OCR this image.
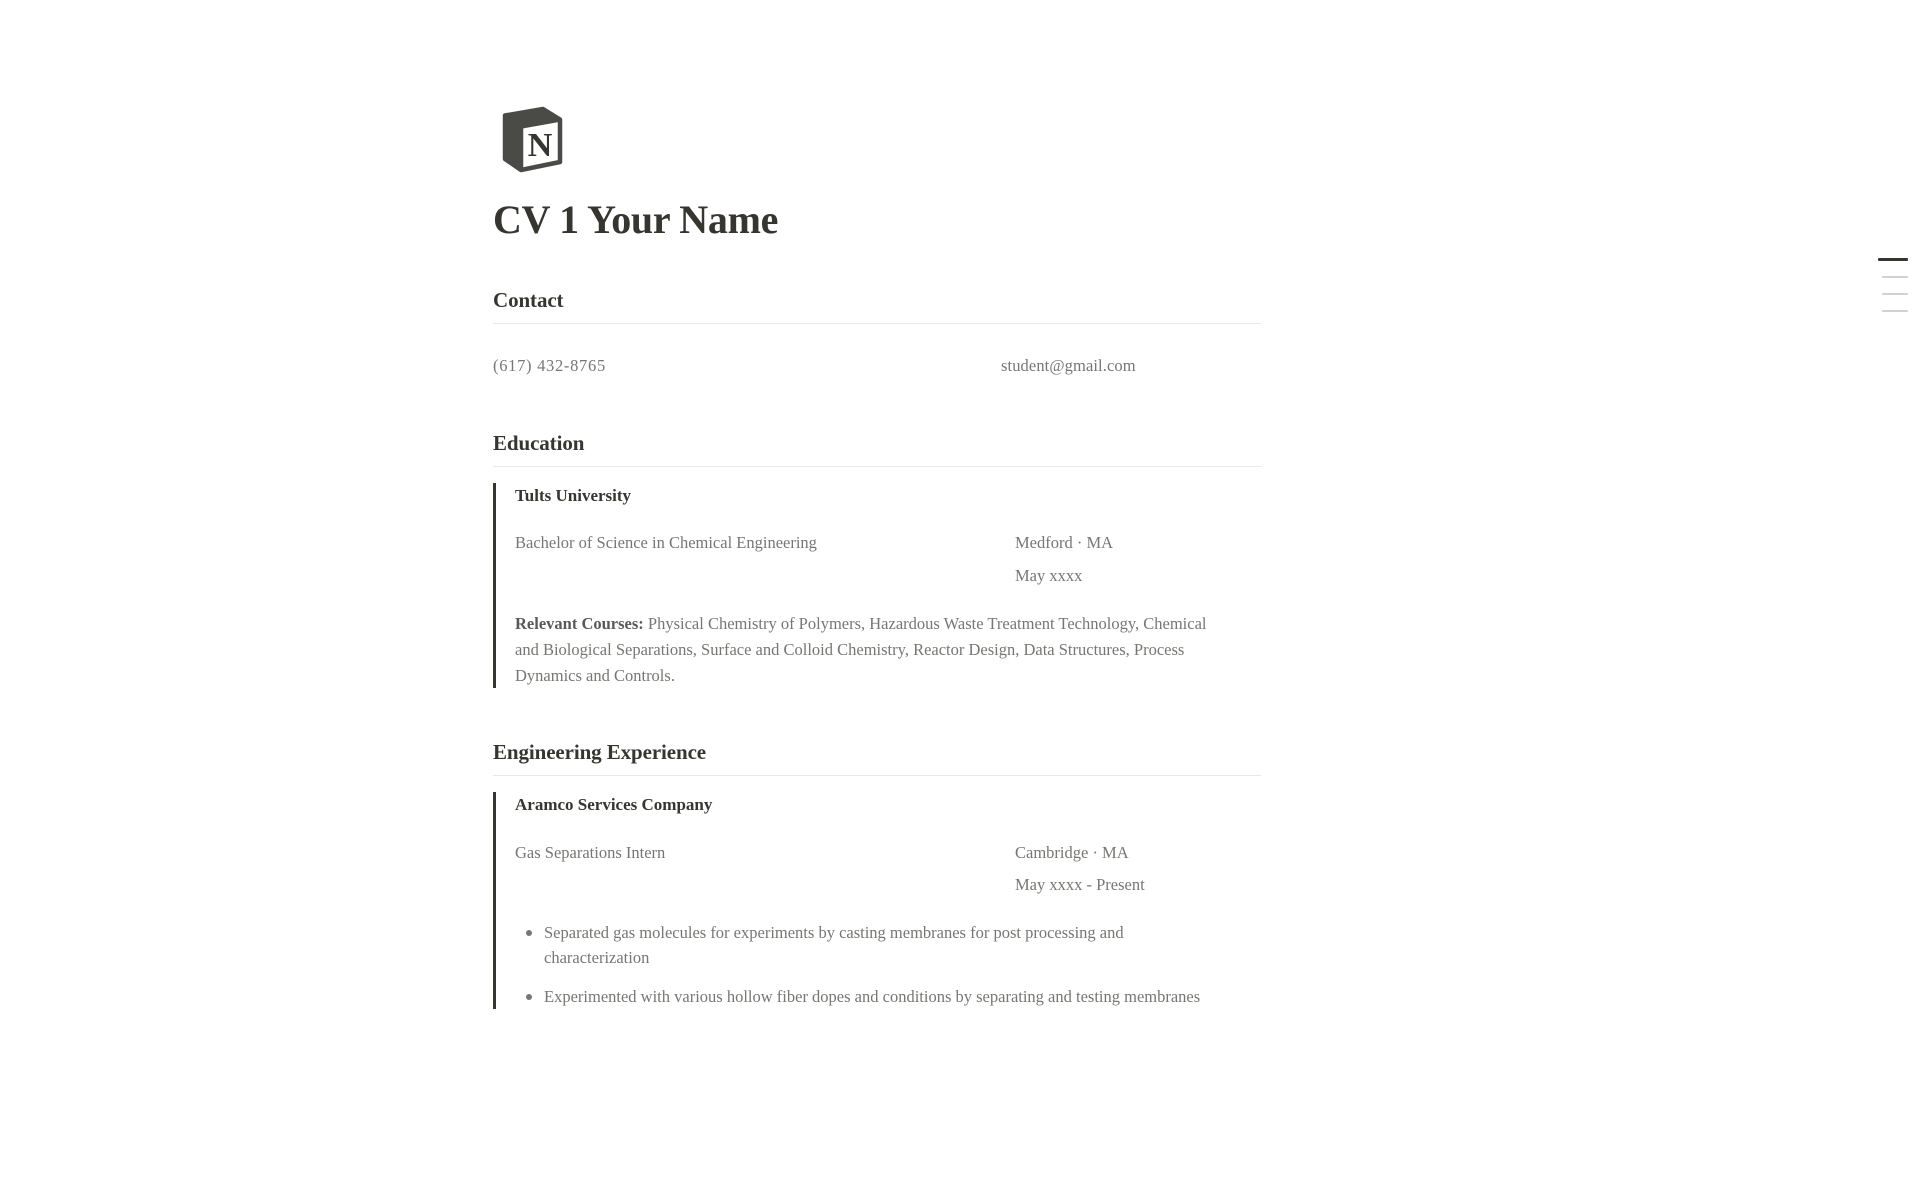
N
CV 1 Your Name
Contact
(617) 432-8765	student@gmail.com
Education
Tults University
Bachelor of Science in Chemical Engineering	Medford · MA
May xxxx
Relevant Courses: Physical Chemistry of Polymers, Hazardous Waste Treatment Technology, Chemical and Biological Separations, Surface and Colloid Chemistry, Reactor Design, Data Structures, Process Dynamics and Controls.
Engineering Experience
Aramco Services Company
Gas Separations Intern	Cambridge · MA
May xxxx - Present
Separated gas molecules for experiments by casting membranes for post processing and characterization
Experimented with various hollow fiber dopes and conditions by separating and testing membranes
